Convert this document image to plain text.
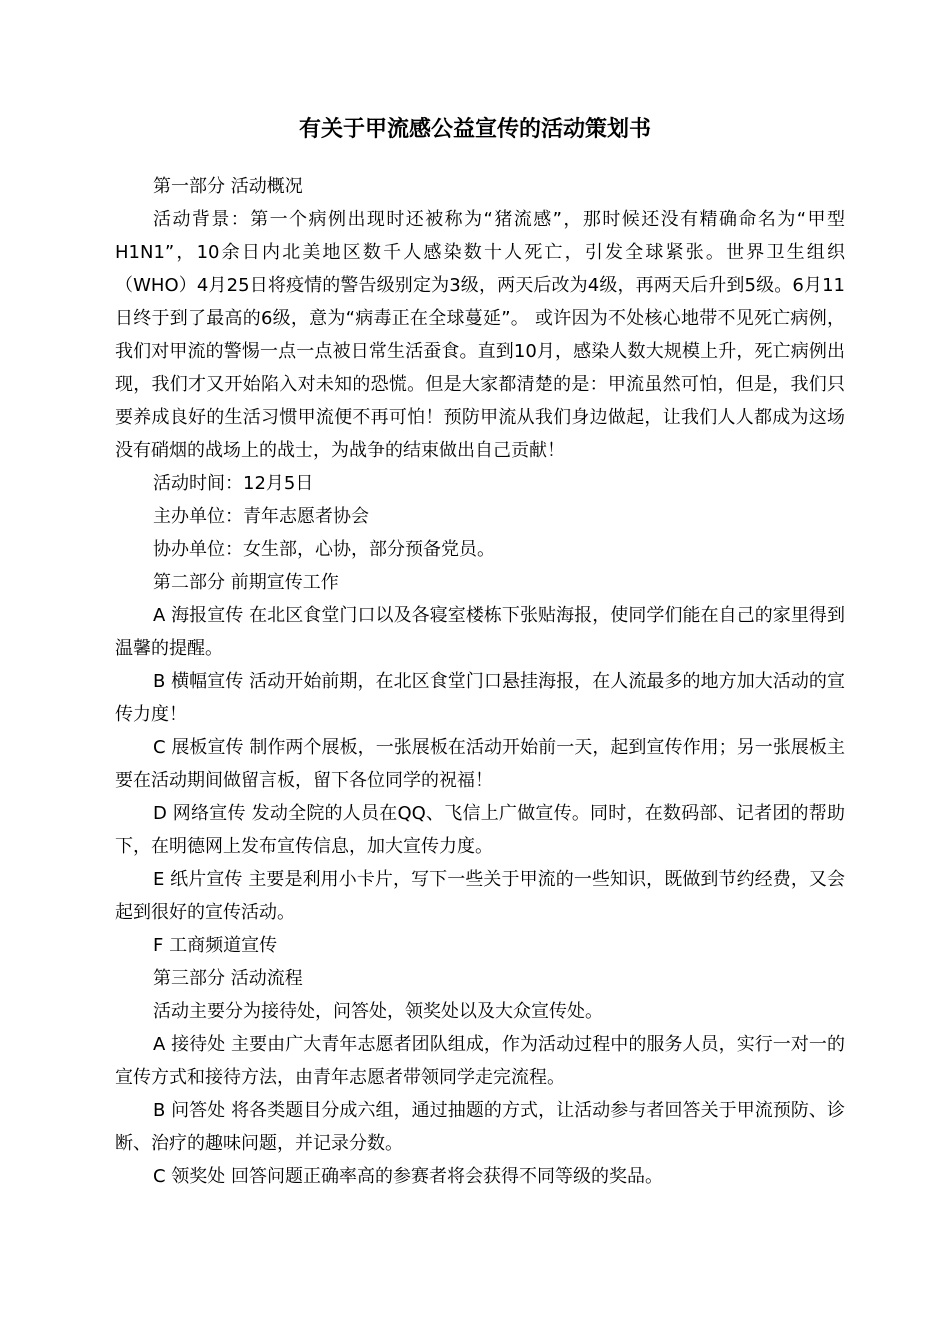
有关于甲流感公益宣传的活动策划书

第一部分 活动概况

活动背景：第一个病例出现时还被称为“猪流感”，那时候还没有精确命名为“甲型H1N1”，10余日内北美地区数千人感染数十人死亡，引发全球紧张。世界卫生组织（WHO）4月25日将疫情的警告级别定为3级，两天后改为4级，再两天后升到5级。6月11日终于到了最高的6级，意为“病毒正在全球蔓延”。 或许因为不处核心地带不见死亡病例，我们对甲流的警惕一点一点被日常生活蚕食。直到10月，感染人数大规模上升，死亡病例出现，我们才又开始陷入对未知的恐慌。但是大家都清楚的是：甲流虽然可怕，但是，我们只要养成良好的生活习惯甲流便不再可怕！预防甲流从我们身边做起，让我们人人都成为这场没有硝烟的战场上的战士，为战争的结束做出自己贡献！

活动时间：12月5日

主办单位：青年志愿者协会

协办单位：女生部，心协，部分预备党员。

第二部分 前期宣传工作

A 海报宣传 在北区食堂门口以及各寝室楼栋下张贴海报，使同学们能在自己的家里得到温馨的提醒。

B 横幅宣传 活动开始前期，在北区食堂门口悬挂海报，在人流最多的地方加大活动的宣传力度！

C 展板宣传 制作两个展板，一张展板在活动开始前一天，起到宣传作用；另一张展板主要在活动期间做留言板，留下各位同学的祝福！

D 网络宣传 发动全院的人员在QQ、飞信上广做宣传。同时，在数码部、记者团的帮助下，在明德网上发布宣传信息，加大宣传力度。

E 纸片宣传 主要是利用小卡片，写下一些关于甲流的一些知识，既做到节约经费，又会起到很好的宣传活动。

F 工商频道宣传

第三部分 活动流程

活动主要分为接待处，问答处，领奖处以及大众宣传处。

A 接待处 主要由广大青年志愿者团队组成，作为活动过程中的服务人员，实行一对一的宣传方式和接待方法，由青年志愿者带领同学走完流程。

B 问答处 将各类题目分成六组，通过抽题的方式，让活动参与者回答关于甲流预防、诊断、治疗的趣味问题，并记录分数。

C 领奖处 回答问题正确率高的参赛者将会获得不同等级的奖品。
